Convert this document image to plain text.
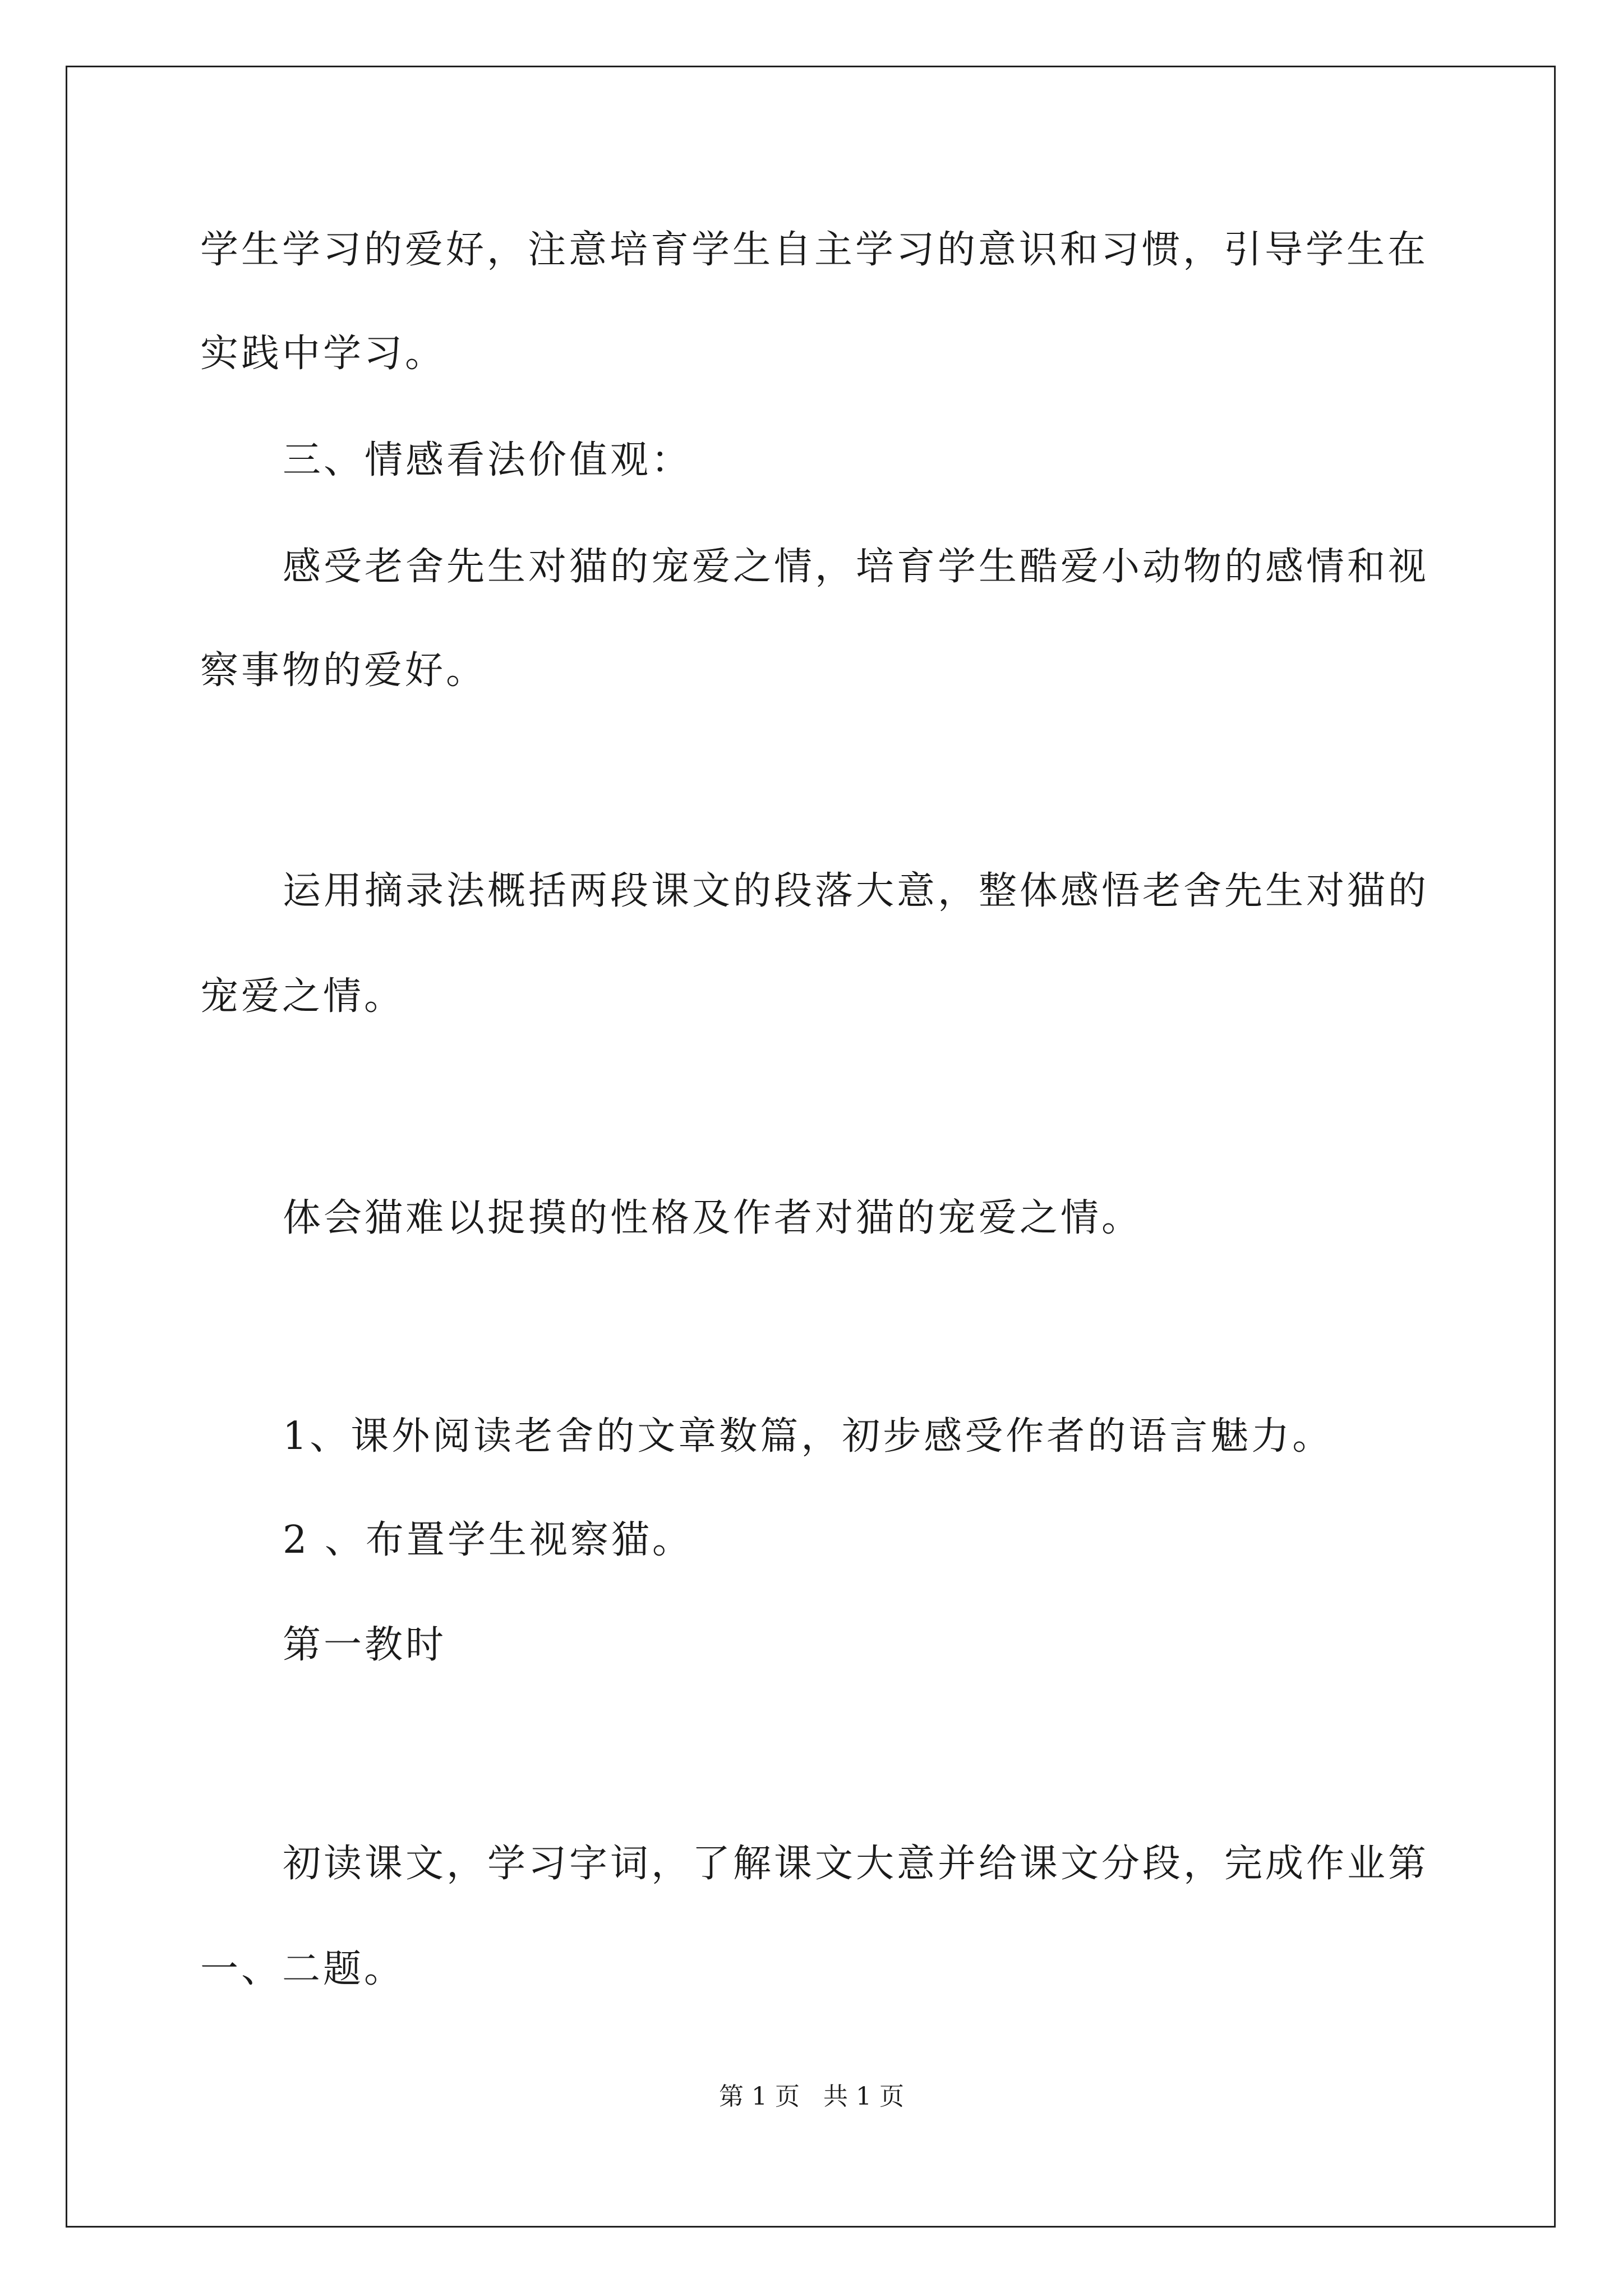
学生学习的爱好，注意培育学生自主学习的意识和习惯，引导学生在
实践中学习。
三、情感看法价值观：
感受老舍先生对猫的宠爱之情，培育学生酷爱小动物的感情和视
察事物的爱好。
运用摘录法概括两段课文的段落大意，整体感悟老舍先生对猫的
宠爱之情。
体会猫难以捉摸的性格及作者对猫的宠爱之情。
1、课外阅读老舍的文章数篇，初步感受作者的语言魅力。
2 、布置学生视察猫。
第一教时
初读课文，学习字词，了解课文大意并给课文分段，完成作业第
一、二题。
第 1 页   共 1 页
